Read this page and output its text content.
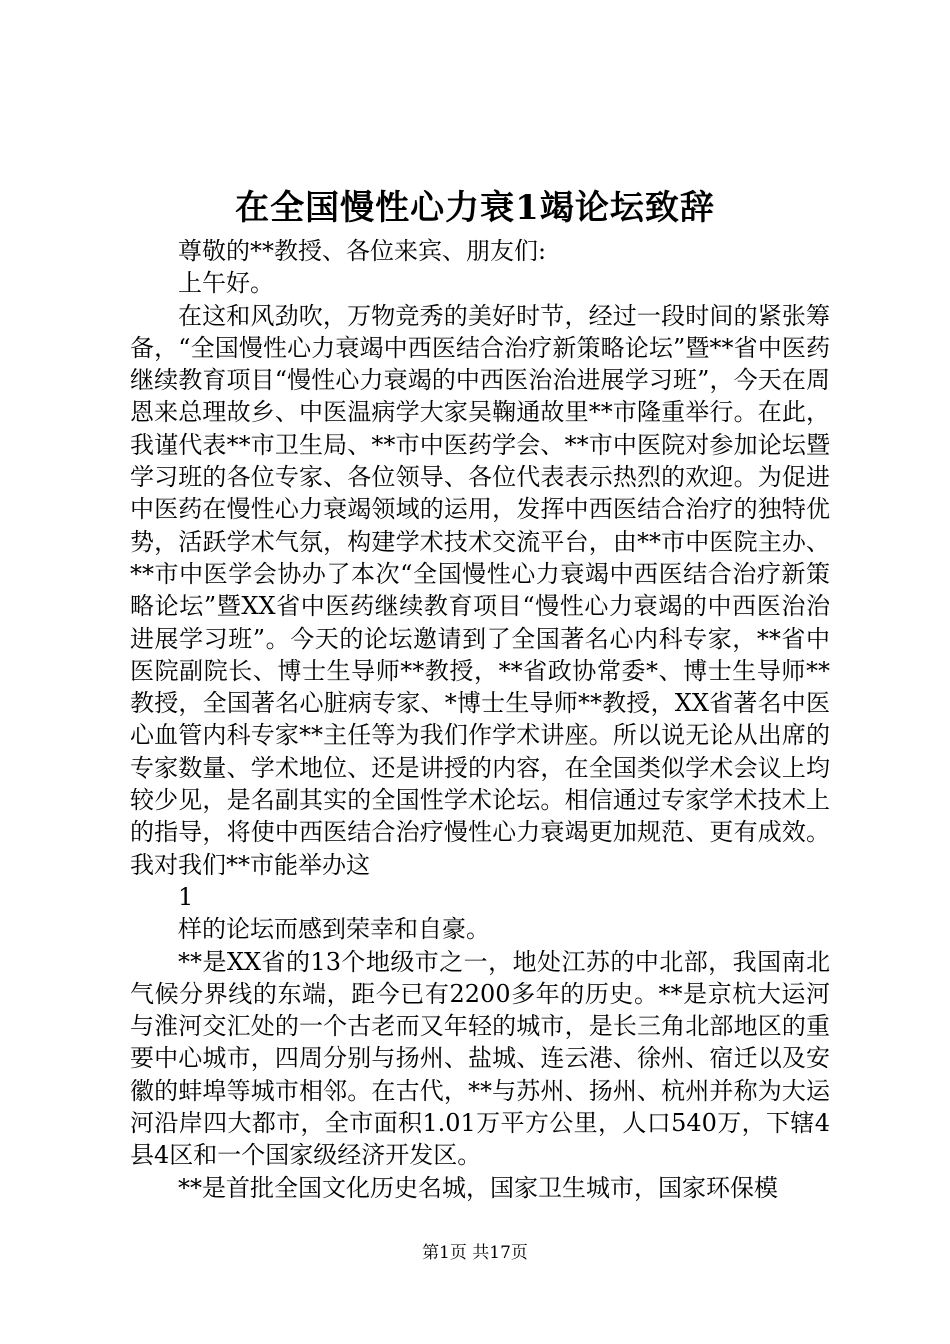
在全国慢性心力衰1竭论坛致辞

尊敬的**教授、各位来宾、朋友们:

上午好。

在这和风劲吹，万物竞秀的美好时节，经过一段时间的紧张筹备，“全国慢性心力衰竭中西医结合治疗新策略论坛”暨**省中医药继续教育项目“慢性心力衰竭的中西医治治进展学习班”，今天在周恩来总理故乡、中医温病学大家吴鞠通故里**市隆重举行。在此，我谨代表**市卫生局、**市中医药学会、**市中医院对参加论坛暨学习班的各位专家、各位领导、各位代表表示热烈的欢迎。为促进中医药在慢性心力衰竭领域的运用，发挥中西医结合治疗的独特优势，活跃学术气氛，构建学术技术交流平台，由**市中医院主办、**市中医学会协办了本次“全国慢性心力衰竭中西医结合治疗新策略论坛”暨XX省中医药继续教育项目“慢性心力衰竭的中西医治治进展学习班”。今天的论坛邀请到了全国著名心内科专家，**省中医院副院长、博士生导师**教授，**省政协常委*、博士生导师**教授，全国著名心脏病专家、*博士生导师**教授，XX省著名中医心血管内科专家**主任等为我们作学术讲座。所以说无论从出席的专家数量、学术地位、还是讲授的内容，在全国类似学术会议上均较少见，是名副其实的全国性学术论坛。相信通过专家学术技术上的指导，将使中西医结合治疗慢性心力衰竭更加规范、更有成效。我对我们**市能举办这

1

样的论坛而感到荣幸和自豪。

**是XX省的13个地级市之一，地处江苏的中北部，我国南北气候分界线的东端，距今已有2200多年的历史。**是京杭大运河与淮河交汇处的一个古老而又年轻的城市，是长三角北部地区的重要中心城市，四周分别与扬州、盐城、连云港、徐州、宿迁以及安徽的蚌埠等城市相邻。在古代，**与苏州、扬州、杭州并称为大运河沿岸四大都市，全市面积1.01万平方公里，人口540万，下辖4县4区和一个国家级经济开发区。

**是首批全国文化历史名城，国家卫生城市，国家环保模

第1页 共17页
